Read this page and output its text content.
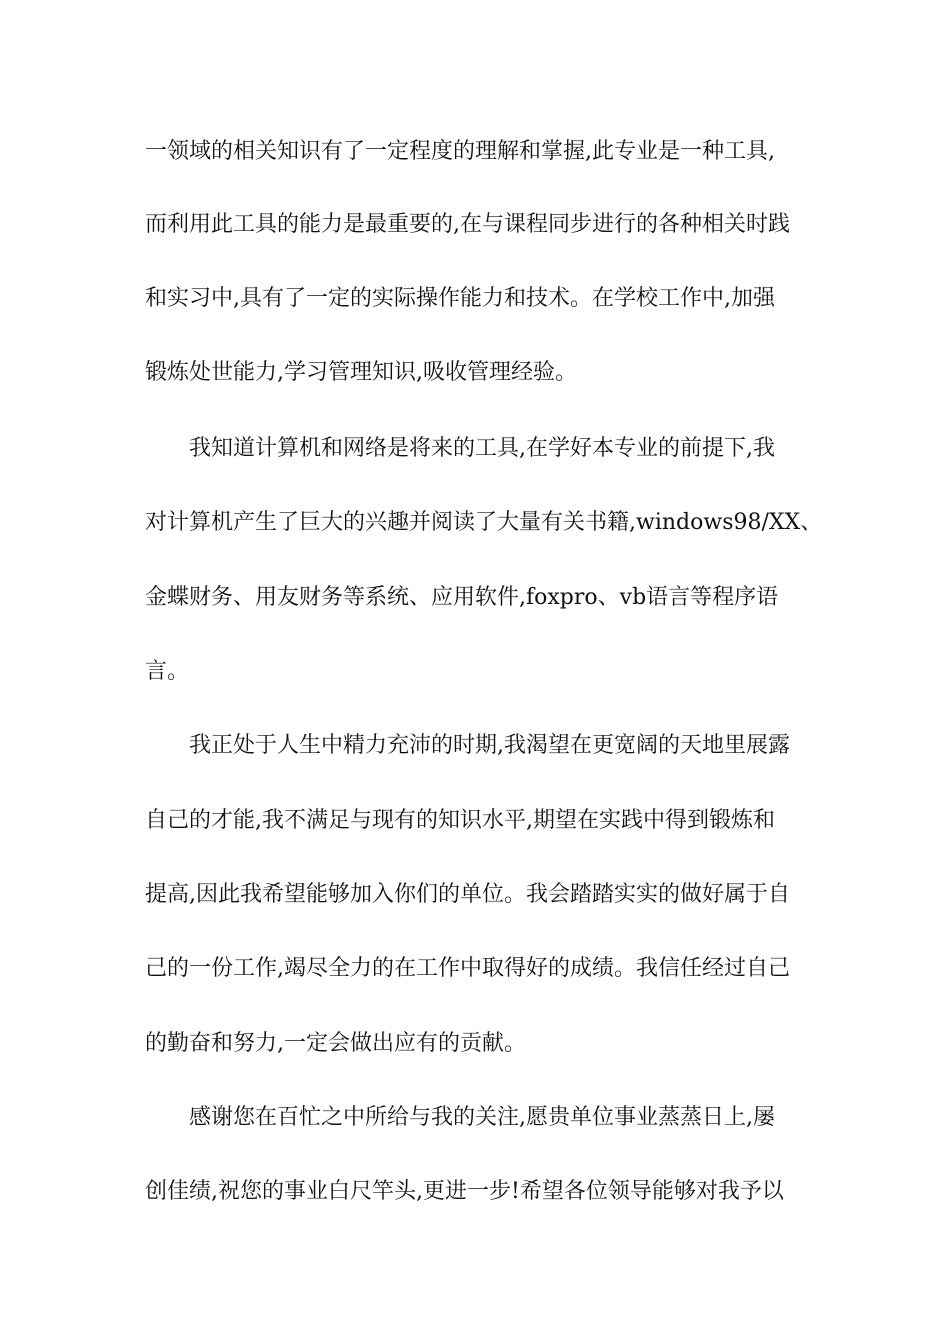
一领域的相关知识有了一定程度的理解和掌握,此专业是一种工具,
而利用此工具的能力是最重要的,在与课程同步进行的各种相关时践
和实习中,具有了一定的实际操作能力和技术。在学校工作中,加强
锻炼处世能力,学习管理知识,吸收管理经验。
我知道计算机和网络是将来的工具,在学好本专业的前提下,我
对计算机产生了巨大的兴趣并阅读了大量有关书籍,windows98/XX、
金蝶财务、用友财务等系统、应用软件,foxpro、vb语言等程序语
言。
我正处于人生中精力充沛的时期,我渴望在更宽阔的天地里展露
自己的才能,我不满足与现有的知识水平,期望在实践中得到锻炼和
提高,因此我希望能够加入你们的单位。我会踏踏实实的做好属于自
己的一份工作,竭尽全力的在工作中取得好的成绩。我信任经过自己
的勤奋和努力,一定会做出应有的贡献。
感谢您在百忙之中所给与我的关注,愿贵单位事业蒸蒸日上,屡
创佳绩,祝您的事业白尺竿头,更进一步!希望各位领导能够对我予以
